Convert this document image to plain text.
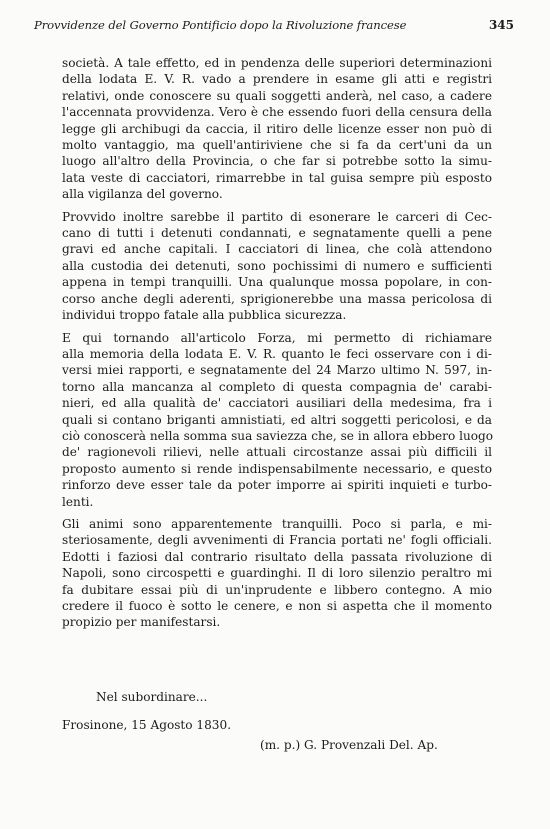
Provvidenze del Governo Pontificio dopo la Rivoluzione francese	345

società. A tale effetto, ed in pendenza delle superiori determinazioni
della lodata E. V. R. vado a prendere in esame gli atti e registri
relativi, onde conoscere su quali soggetti anderà, nel caso, a cadere
l'accennata provvidenza. Vero è che essendo fuori della censura della
legge gli archibugi da caccia, il ritiro delle licenze esser non può di
molto vantaggio, ma quell'antiriviene che si fa da cert'uni da un
luogo all'altro della Provincia, o che far si potrebbe sotto la simu-
lata veste di cacciatori, rimarrebbe in tal guisa sempre più esposto
alla vigilanza del governo.

Provvido inoltre sarebbe il partito di esonerare le carceri di Cec-
cano di tutti i detenuti condannati, e segnatamente quelli a pene
gravi ed anche capitali. I cacciatori di linea, che colà attendono
alla custodia dei detenuti, sono pochissimi di numero e sufficienti
appena in tempi tranquilli. Una qualunque mossa popolare, in con-
corso anche degli aderenti, sprigionerebbe una massa pericolosa di
individui troppo fatale alla pubblica sicurezza.

E qui tornando all'articolo Forza, mi permetto di richiamare
alla memoria della lodata E. V. R. quanto le feci osservare con i di-
versi miei rapporti, e segnatamente del 24 Marzo ultimo N. 597, in-
torno alla mancanza al completo di questa compagnia de' carabi-
nieri, ed alla qualità de' cacciatori ausiliari della medesima, fra i
quali si contano briganti amnistiati, ed altri soggetti pericolosi, e da
ciò conoscerà nella somma sua saviezza che, se in allora ebbero luogo
de' ragionevoli rilievi, nelle attuali circostanze assai più difficili il
proposto aumento si rende indispensabilmente necessario, e questo
rinforzo deve esser tale da poter imporre ai spiriti inquieti e turbo-
lenti.

Gli animi sono apparentemente tranquilli. Poco si parla, e mi-
steriosamente, degli avvenimenti di Francia portati ne' fogli officiali.
Edotti i faziosi dal contrario risultato della passata rivoluzione di
Napoli, sono circospetti e guardinghi. Il di loro silenzio peraltro mi
fa dubitare essai più di un'inprudente e libbero contegno. A mio
credere il fuoco è sotto le cenere, e non si aspetta che il momento
propizio per manifestarsi.

Nel subordinare...
Frosinone, 15 Agosto 1830.
(m. p.) G. Provenzali Del. Ap.
